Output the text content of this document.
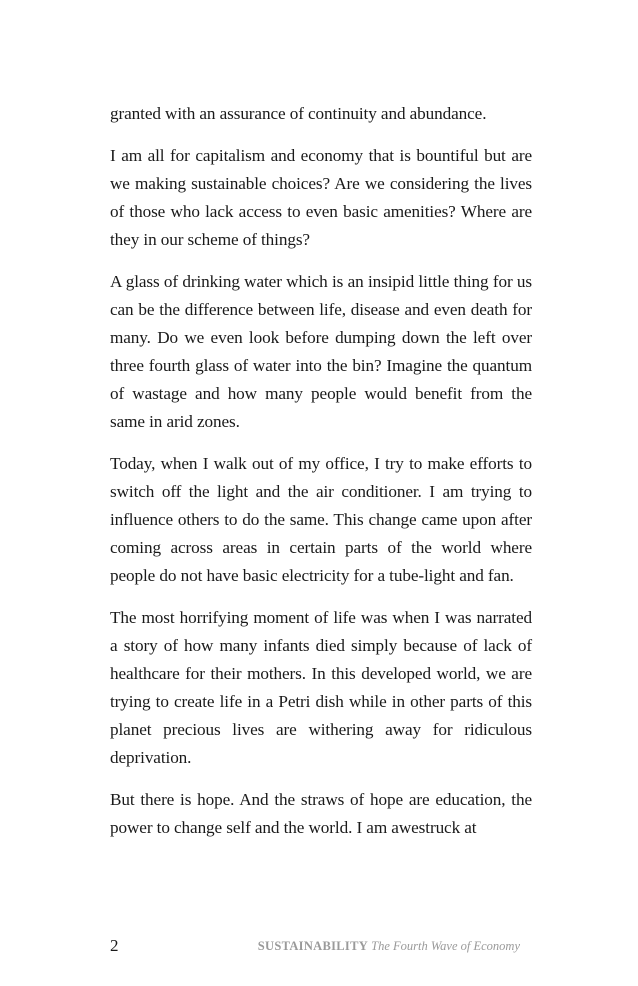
granted with an assurance of continuity and abundance.

I am all for capitalism and economy that is bountiful but are we making sustainable choices? Are we considering the lives of those who lack access to even basic amenities? Where are they in our scheme of things?

A glass of drinking water which is an insipid little thing for us can be the difference between life, disease and even death for many. Do we even look before dumping down the left over three fourth glass of water into the bin? Imagine the quantum of wastage and how many people would benefit from the same in arid zones.

Today, when I walk out of my office, I try to make efforts to switch off the light and the air conditioner. I am trying to influence others to do the same. This change came upon after coming across areas in certain parts of the world where people do not have basic electricity for a tube-light and fan.

The most horrifying moment of life was when I was narrated a story of how many infants died simply because of lack of healthcare for their mothers. In this developed world, we are trying to create life in a Petri dish while in other parts of this planet precious lives are withering away for ridiculous deprivation.

But there is hope. And the straws of hope are education, the power to change self and the world. I am awestruck at

2	SUSTAINABILITY The Fourth Wave of Economy
